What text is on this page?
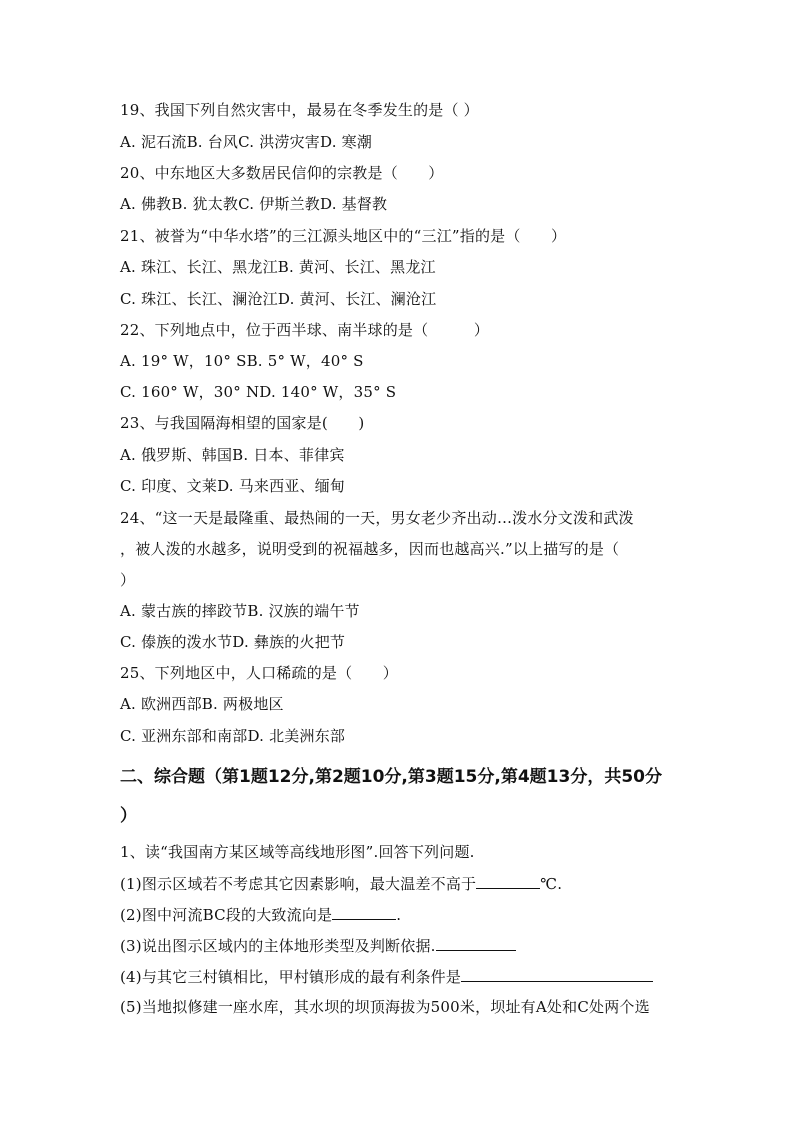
19、我国下列自然灾害中，最易在冬季发生的是（ ）
A. 泥石流B. 台风C. 洪涝灾害D. 寒潮
20、中东地区大多数居民信仰的宗教是（　　）
A. 佛教B. 犹太教C. 伊斯兰教D. 基督教
21、被誉为“中华水塔”的三江源头地区中的“三江”指的是（　　）
A. 珠江、长江、黑龙江B. 黄河、长江、黑龙江
C. 珠江、长江、澜沧江D. 黄河、长江、澜沧江
22、下列地点中，位于西半球、南半球的是（　　　）
A. 19° W，10° SB. 5° W，40° S
C. 160° W，30° ND. 140° W，35° S
23、与我国隔海相望的国家是(　　)
A. 俄罗斯、韩国B. 日本、菲律宾
C. 印度、文莱D. 马来西亚、缅甸
24、“这一天是最隆重、最热闹的一天，男女老少齐出动…泼水分文泼和武泼
，被人泼的水越多，说明受到的祝福越多，因而也越高兴.”以上描写的是（
）
A. 蒙古族的摔跤节B. 汉族的端午节
C. 傣族的泼水节D. 彝族的火把节
25、下列地区中，人口稀疏的是（　　）
A. 欧洲西部B. 两极地区
C. 亚洲东部和南部D. 北美洲东部
二、综合题（第1题12分,第2题10分,第3题15分,第4题13分，共50分
）
1、读“我国南方某区域等高线地形图”.回答下列问题.
(1)图示区域若不考虑其它因素影响，最大温差不高于	℃.
(2)图中河流BC段的大致流向是	.
(3)说出图示区域内的主体地形类型及判断依据.
(4)与其它三村镇相比，甲村镇形成的最有利条件是
(5)当地拟修建一座水库，其水坝的坝顶海拔为500米，坝址有A处和C处两个选
